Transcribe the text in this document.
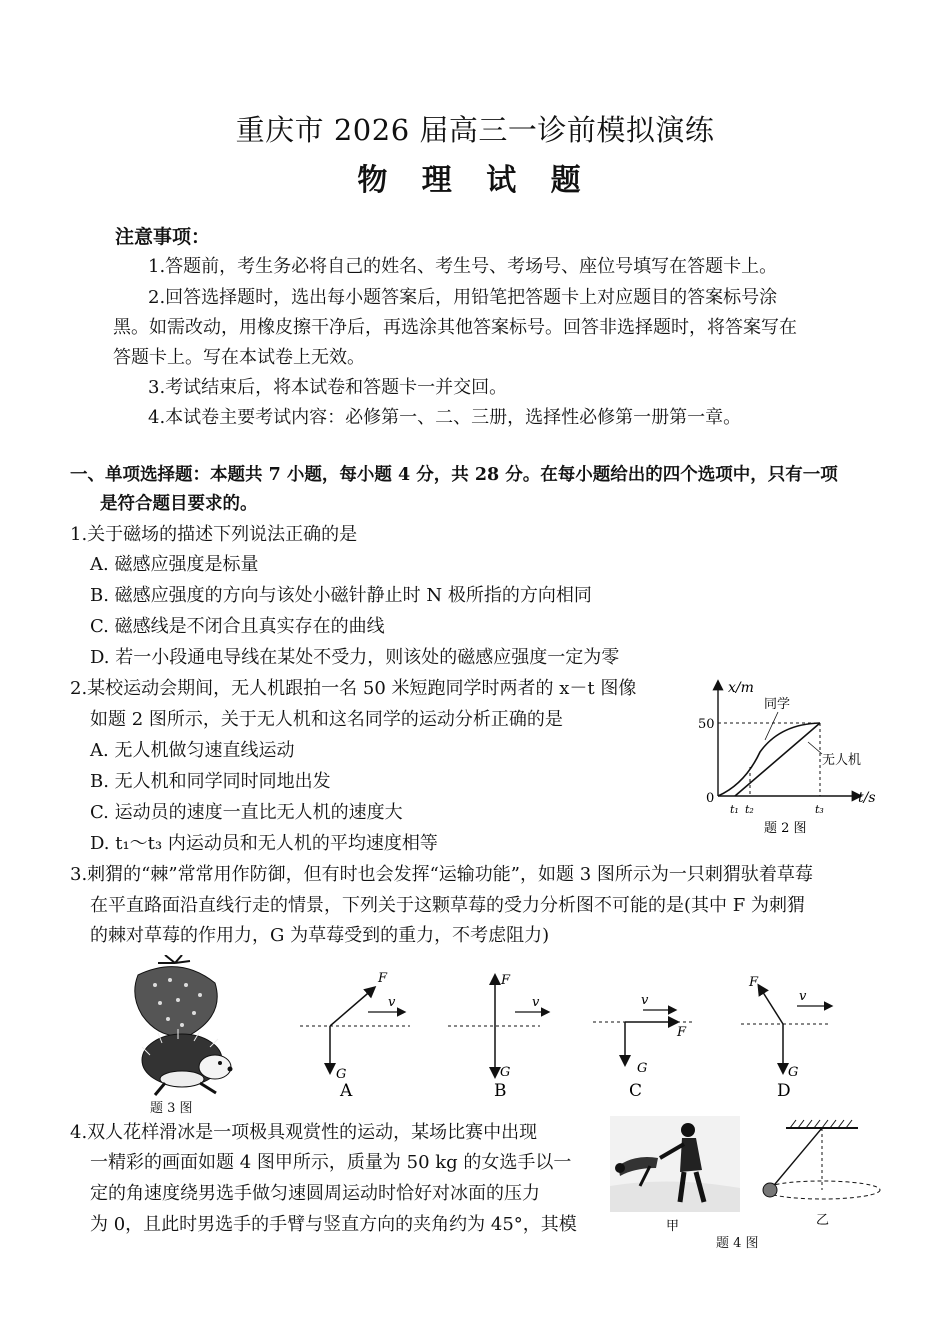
重庆市 2026 届高三一诊前模拟演练
物 理 试 题
注意事项：
1.答题前，考生务必将自己的姓名、考生号、考场号、座位号填写在答题卡上。
2.回答选择题时，选出每小题答案后，用铅笔把答题卡上对应题目的答案标号涂
黑。如需改动，用橡皮擦干净后，再选涂其他答案标号。回答非选择题时，将答案写在
答题卡上。写在本试卷上无效。
3.考试结束后，将本试卷和答题卡一并交回。
4.本试卷主要考试内容：必修第一、二、三册，选择性必修第一册第一章。
一、单项选择题：本题共 7 小题，每小题 4 分，共 28 分。在每小题给出的四个选项中，只有一项
是符合题目要求的。
1.关于磁场的描述下列说法正确的是
A. 磁感应强度是标量
B. 磁感应强度的方向与该处小磁针静止时 N 极所指的方向相同
C. 磁感线是不闭合且真实存在的曲线
D. 若一小段通电导线在某处不受力，则该处的磁感应强度一定为零
2.某校运动会期间，无人机跟拍一名 50 米短跑同学时两者的 x－t 图像
如题 2 图所示，关于无人机和这名同学的运动分析正确的是
A. 无人机做匀速直线运动
B. 无人机和同学同时同地出发
C. 运动员的速度一直比无人机的速度大
D. t₁～t₃ 内运动员和无人机的平均速度相等
x/m
t/s
50
0
同学
无人机
t₁ t₂	t₃
题 2 图
3.刺猬的“棘”常常用作防御，但有时也会发挥“运输功能”，如题 3 图所示为一只刺猬驮着草莓
在平直路面沿直线行走的情景，下列关于这颗草莓的受力分析图不可能的是(其中 F 为刺猬
的棘对草莓的作用力，G 为草莓受到的重力，不考虑阻力)
题 3 图
F
v
G
A
F
v
G
B
F
v
G
C
F
v
G
D
4.双人花样滑冰是一项极具观赏性的运动，某场比赛中出现
一精彩的画面如题 4 图甲所示，质量为 50 kg 的女选手以一
定的角速度绕男选手做匀速圆周运动时恰好对冰面的压力
为 0，且此时男选手的手臂与竖直方向的夹角约为 45°，其模	甲	乙
题 4 图
